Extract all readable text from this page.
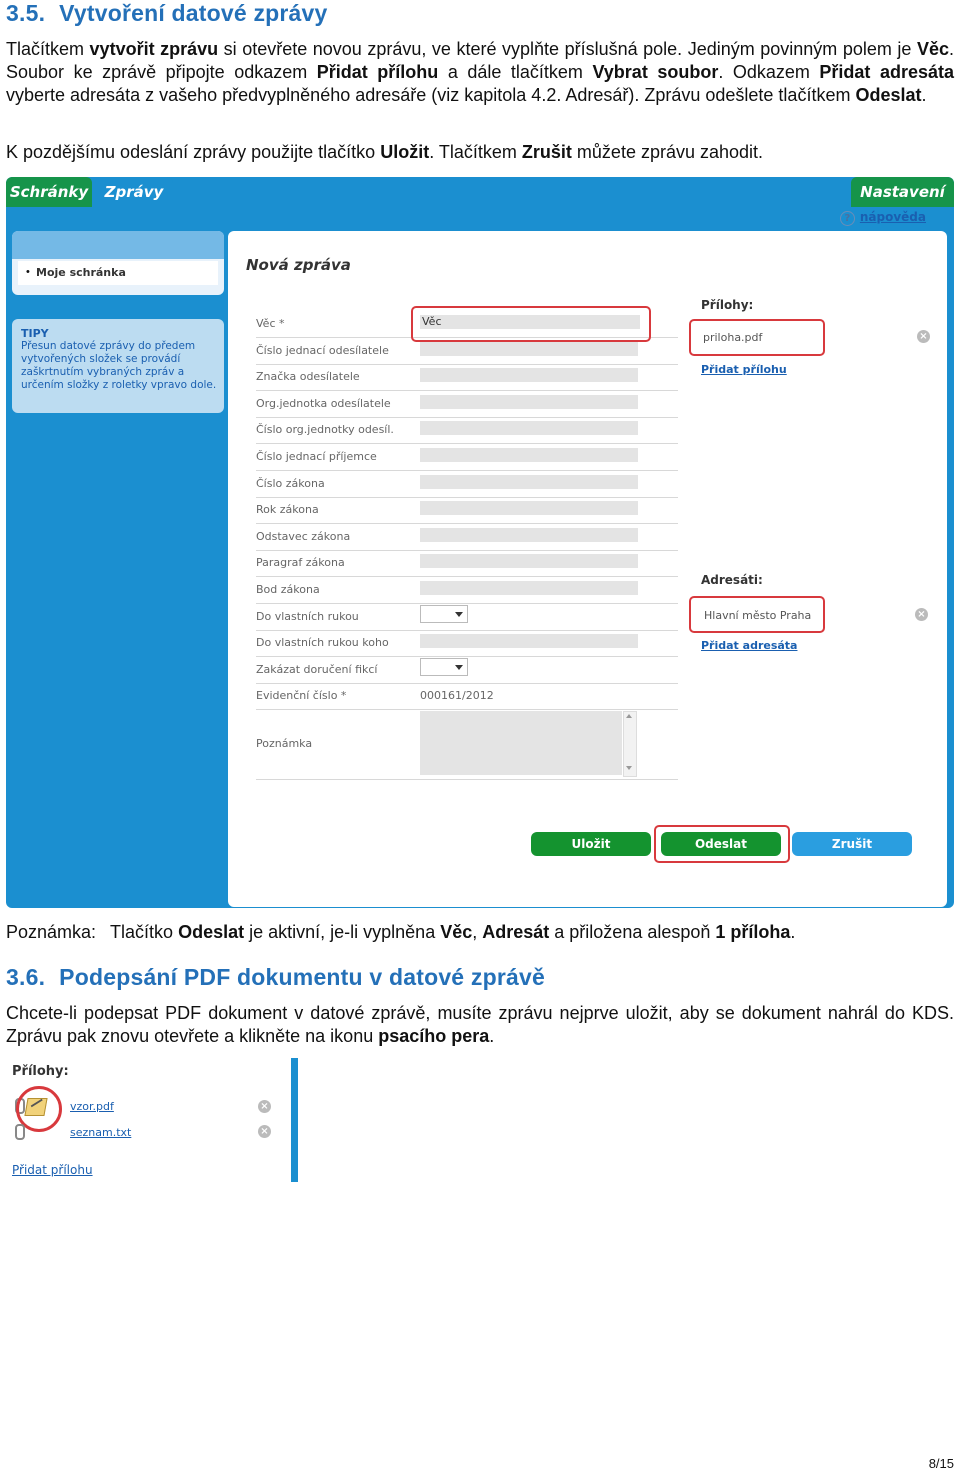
3.5. Vytvoření datové zprávy

Tlačítkem vytvořit zprávu si otevřete novou zprávu, ve které vyplňte příslušná pole. Jediným povinným polem je Věc. Soubor ke zprávě připojte odkazem Přidat přílohu a dále tlačítkem Vybrat soubor. Odkazem Přidat adresáta vyberte adresáta z vašeho předvyplněného adresáře (viz kapitola 4.2. Adresář). Zprávu odešlete tlačítkem Odeslat.

K pozdějšímu odeslání zprávy použijte tlačítko Uložit. Tlačítkem Zrušit můžete zprávu zahodit.

Schránky	Zprávy	Nastavení
? nápověda
Moje schránka
•
TIPY
Přesun datové zprávy do předem vytvořených složek se provádí zaškrtnutím vybraných zpráv a určením složky z roletky vpravo dole.
Nová zpráva
Věc *	Věc
Číslo jednací odesílatele
Značka odesílatele
Org.jednotka odesílatele
Číslo org.jednotky odesíl.
Číslo jednací příjemce
Číslo zákona
Rok zákona
Odstavec zákona
Paragraf zákona
Bod zákona
Do vlastních rukou
Do vlastních rukou koho
Zakázat doručení fikcí
Evidenční číslo *	000161/2012
Přílohy:
priloha.pdf	×
Přidat přílohu
Adresáti:
Hlavní město Praha	×
Přidat adresáta
Uložit	Odeslat	Zrušit
Poznámka
Poznámka: Tlačítko Odeslat je aktivní, je-li vyplněna Věc, Adresát a přiložena alespoň 1 příloha.
3.6. Podepsání PDF dokumentu v datové zprávě

Chcete-li podepsat PDF dokument v datové zprávě, musíte zprávu nejprve uložit, aby se dokument nahrál do KDS. Zprávu pak znovu otevřete a klikněte na ikonu psacího pera.

Přílohy:
vzor.pdf	×
seznam.txt	×
Přidat přílohu
8/15
